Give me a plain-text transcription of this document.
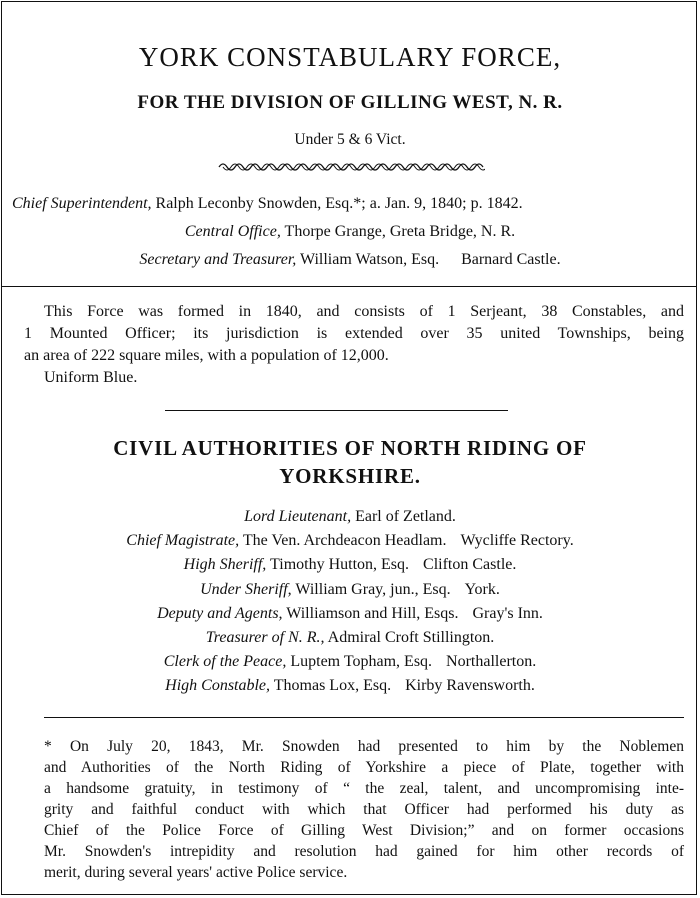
YORK CONSTABULARY FORCE,
FOR THE DIVISION OF GILLING WEST, N. R.
Under 5 & 6 Vict.
Chief Superintendent, Ralph Leconby Snowden, Esq.*; a. Jan. 9, 1840; p. 1842.
Central Office, Thorpe Grange, Greta Bridge, N. R.
Secretary and Treasurer, William Watson, Esq. Barnard Castle.
This Force was formed in 1840, and consists of 1 Serjeant, 38 Constables, and
1 Mounted Officer; its jurisdiction is extended over 35 united Townships, being
an area of 222 square miles, with a population of 12,000.
Uniform Blue.
CIVIL AUTHORITIES OF NORTH RIDING OF
YORKSHIRE.
Lord Lieutenant, Earl of Zetland.
Chief Magistrate, The Ven. Archdeacon Headlam. Wycliffe Rectory.
High Sheriff, Timothy Hutton, Esq. Clifton Castle.
Under Sheriff, William Gray, jun., Esq. York.
Deputy and Agents, Williamson and Hill, Esqs. Gray's Inn.
Treasurer of N. R., Admiral Croft Stillington.
Clerk of the Peace, Luptem Topham, Esq. Northallerton.
High Constable, Thomas Lox, Esq. Kirby Ravensworth.
* On July 20, 1843, Mr. Snowden had presented to him by the Noblemen
and Authorities of the North Riding of Yorkshire a piece of Plate, together with
a handsome gratuity, in testimony of “ the zeal, talent, and uncompromising inte-
grity and faithful conduct with which that Officer had performed his duty as
Chief of the Police Force of Gilling West Division;” and on former occasions
Mr. Snowden's intrepidity and resolution had gained for him other records of
merit, during several years' active Police service.
